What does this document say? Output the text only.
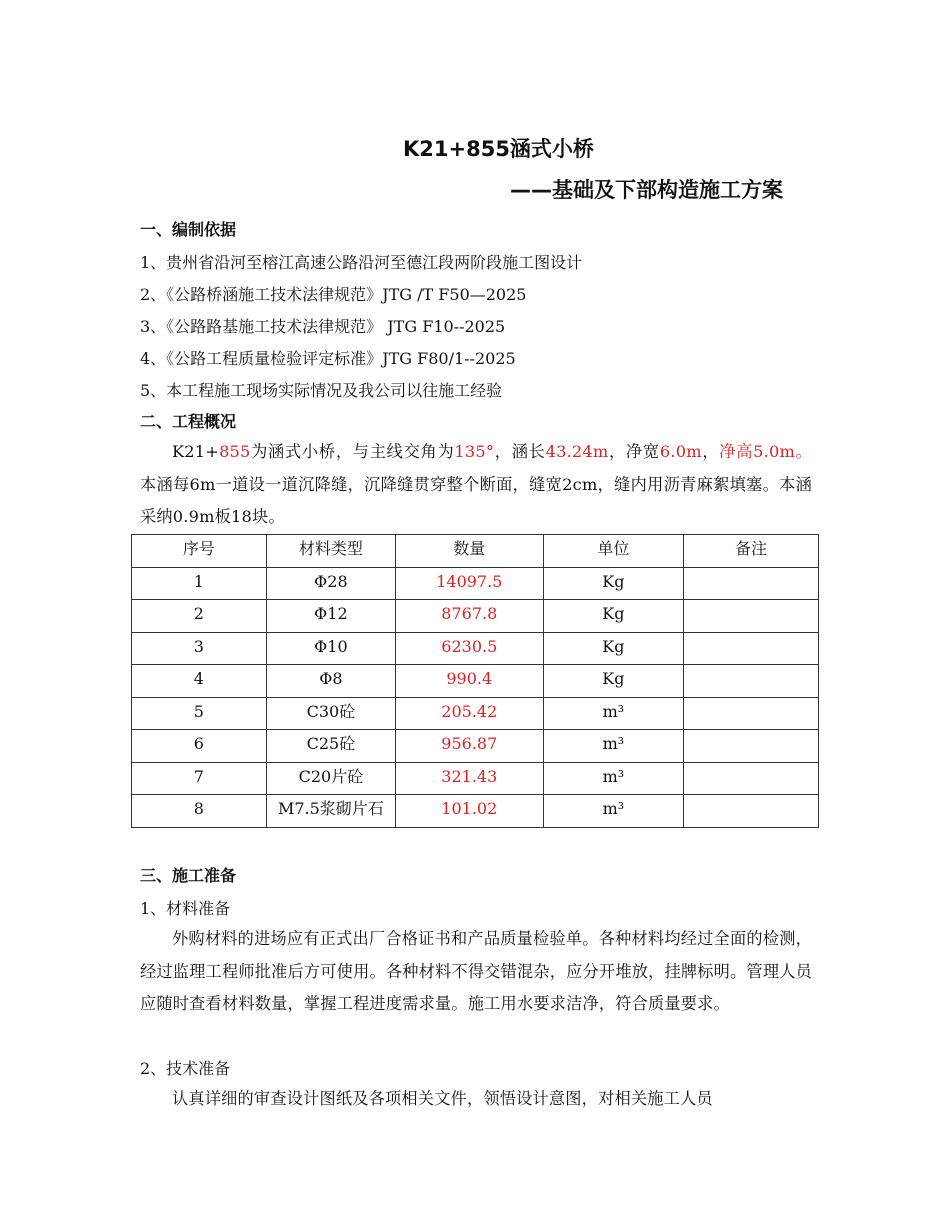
K21+855涵式小桥
——基础及下部构造施工方案
一、编制依据
1、贵州省沿河至榕江高速公路沿河至德江段两阶段施工图设计
2、《公路桥涵施工技术法律规范》JTG /T F50—2025
3、《公路路基施工技术法律规范》 JTG F10--2025
4、《公路工程质量检验评定标准》JTG F80/1--2025
5、本工程施工现场实际情况及我公司以往施工经验
二、工程概况
K21+855为涵式小桥，与主线交角为135°，涵长43.24m，净宽6.0m，净高5.0m。本涵每6m一道设一道沉降缝，沉降缝贯穿整个断面，缝宽2cm，缝内用沥青麻絮填塞。本涵采纳0.9m板18块。
序号	材料类型	数量	单位	备注
1	Φ28	14097.5	Kg	
2	Φ12	8767.8	Kg	
3	Φ10	6230.5	Kg	
4	Φ8	990.4	Kg	
5	C30砼	205.42	m³	
6	C25砼	956.87	m³	
7	C20片砼	321.43	m³	
8	M7.5浆砌片石	101.02	m³	
三、施工准备
1、材料准备
外购材料的进场应有正式出厂合格证书和产品质量检验单。各种材料均经过全面的检测，经过监理工程师批准后方可使用。各种材料不得交错混杂，应分开堆放，挂牌标明。管理人员应随时查看材料数量，掌握工程进度需求量。施工用水要求洁净，符合质量要求。
2、技术准备
认真详细的审查设计图纸及各项相关文件，领悟设计意图，对相关施工人员
